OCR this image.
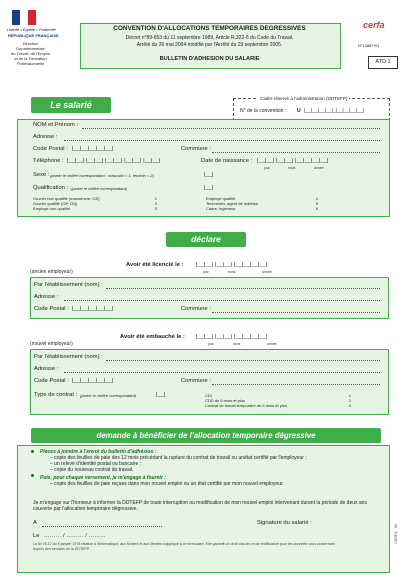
Liberté • Égalité • Fraternité
RÉPUBLIQUE FRANÇAISE
Direction Départementale
du Travail, de l'Emploi
et de la Formation
Professionnelle
CONVENTION D'ALLOCATIONS TEMPORAIRES DEGRESSIVES
Décret n°89-653 du 11 septembre 1989, Article R.322-6 du Code du Travail,
Arrêté du 26 mai 2004 modifié par l'Arrêté du 29 septembre 2005.
BULLETIN D'ADHESION DU SALARIE
cerfa
N°12887*01
ATD 1
Cadre réservé à l'administration (DDTEFP)
N° de la convention : U |__|__|__|__|_|__|__|__|__|
Le salarié
NOM et Prénom :
Adresse :
Code Postal : |__|__|__|__|__|	Commune :
Téléphone : |__|__| |__|__| |__|__| |__|__| |__|__|	Date de naissance : |__|__| |__|__| |__|__|__|__|
jour	mois	année
Sexe : (porter le chiffre correspondant : masculin = 1, féminin = 2)	|__|
Qualification : (porter le chiffre correspondant)	|__|
Ouvrier non qualifié (manoeuvre, OS)	1
Ouvrier qualifié (OP, OQ)	2
Employé non qualifié	3
Employé qualifié	4
Technicien, agent de maîtrise	5
Cadre, ingénieur	6
déclare
Avoir été licencié le : |__|__| |__|__| |__|__|__|__|
jour	mois	année
(ancien employeur)
Par l'établissement (nom) :
Adresse :
Code Postal : |__|__|__|__|__|	Commune :
Avoir été embauché le : |__|__| |__|__| |__|__|__|__|
jour	mois	année
(nouvel employeur)
Par l'établissement (nom) :
Adresse :
Code Postal : |__|__|__|__|__|	Commune :
Type de contrat : (porter le chiffre correspondant)	|__|	CDI	1
CDD de 6 mois et plus	2
Contrat de travail temporaire de 6 mois et plus	3
demande à bénéficier de l'allocation temporaire dégressive
Pièces à joindre à l'envoi du bulletin d'adhésion :
– copie des feuilles de paie des 12 mois précédant la rupture du contrat de travail ou unétat certifié par l'employeur ;
– un relevé d'identité postal ou bancaire ;
– copie du nouveau contrat du travail.
Puis, pour chaque versement, je m'engage à fournir :
– copie des feuilles de paie reçues dans mon nouvel emploi ou un état certifié par mon nouvel employeur.
Je m'engage sur l'honneur à informer la DDTEFP de toute interruption ou modification de mon nouvel emploi intervenant durant la période de deux ans couverte par l'allocation temporaire dégressive.
A	Signature du salarié :
Le ……… / ……… / ………
La loi 78-17 du 6 janvier 1978 relative à l'informatique, aux fichiers et aux libertés s'applique à ce formulaire. Elle garantit un droit d'accès et de rectification pour les données vous concernant auprès des services de la DDTEFP.
CERFA · 06
